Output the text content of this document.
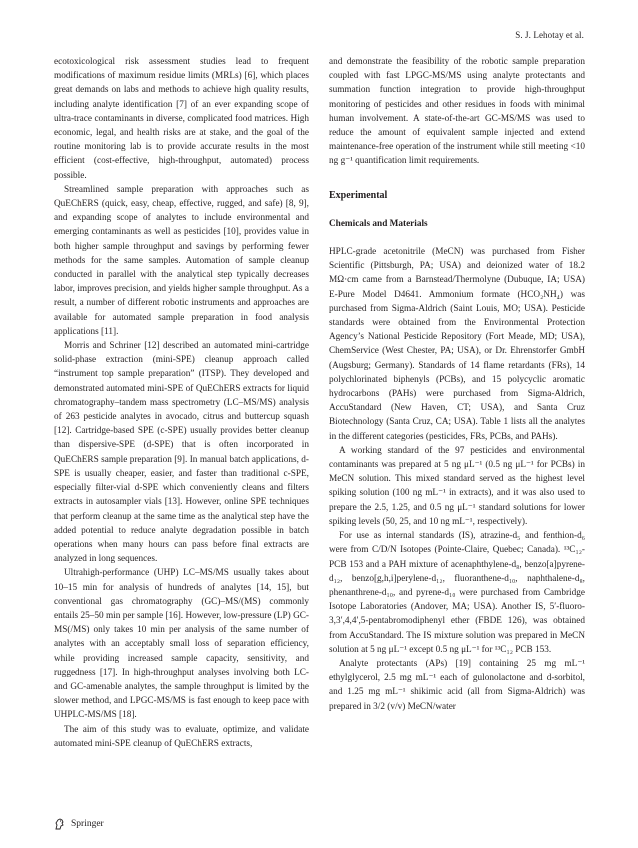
S. J. Lehotay et al.

ecotoxicological risk assessment studies lead to frequent modifications of maximum residue limits (MRLs) [6], which places great demands on labs and methods to achieve high quality results, including analyte identification [7] of an ever expanding scope of ultra-trace contaminants in diverse, complicated food matrices. High economic, legal, and health risks are at stake, and the goal of the routine monitoring lab is to provide accurate results in the most efficient (cost-effective, high-throughput, automated) process possible.

Streamlined sample preparation with approaches such as QuEChERS (quick, easy, cheap, effective, rugged, and safe) [8, 9], and expanding scope of analytes to include environmental and emerging contaminants as well as pesticides [10], provides value in both higher sample throughput and savings by performing fewer methods for the same samples. Automation of sample cleanup conducted in parallel with the analytical step typically decreases labor, improves precision, and yields higher sample throughput. As a result, a number of different robotic instruments and approaches are available for automated sample preparation in food analysis applications [11].

Morris and Schriner [12] described an automated mini-cartridge solid-phase extraction (mini-SPE) cleanup approach called “instrument top sample preparation” (ITSP). They developed and demonstrated automated mini-SPE of QuEChERS extracts for liquid chromatography–tandem mass spectrometry (LC–MS/MS) analysis of 263 pesticide analytes in avocado, citrus and buttercup squash [12]. Cartridge-based SPE (c-SPE) usually provides better cleanup than dispersive-SPE (d-SPE) that is often incorporated in QuEChERS sample preparation [9]. In manual batch applications, d-SPE is usually cheaper, easier, and faster than traditional c-SPE, especially filter-vial d-SPE which conveniently cleans and filters extracts in autosampler vials [13]. However, online SPE techniques that perform cleanup at the same time as the analytical step have the added potential to reduce analyte degradation possible in batch operations when many hours can pass before final extracts are analyzed in long sequences.

Ultrahigh-performance (UHP) LC–MS/MS usually takes about 10–15 min for analysis of hundreds of analytes [14, 15], but conventional gas chromatography (GC)–MS/(MS) commonly entails 25–50 min per sample [16]. However, low-pressure (LP) GC-MS(/MS) only takes 10 min per analysis of the same number of analytes with an acceptably small loss of separation efficiency, while providing increased sample capacity, sensitivity, and ruggedness [17]. In high-throughput analyses involving both LC- and GC-amenable analytes, the sample throughput is limited by the slower method, and LPGC-MS/MS is fast enough to keep pace with UHPLC-MS/MS [18].

The aim of this study was to evaluate, optimize, and validate automated mini-SPE cleanup of QuEChERS extracts,

and demonstrate the feasibility of the robotic sample preparation coupled with fast LPGC-MS/MS using analyte protectants and summation function integration to provide high-throughput monitoring of pesticides and other residues in foods with minimal human involvement. A state-of-the-art GC-MS/MS was used to reduce the amount of equivalent sample injected and extend maintenance-free operation of the instrument while still meeting <10 ng g⁻¹ quantification limit requirements.

Experimental
Chemicals and Materials

HPLC-grade acetonitrile (MeCN) was purchased from Fisher Scientific (Pittsburgh, PA; USA) and deionized water of 18.2 MΩ·cm came from a Barnstead/Thermolyne (Dubuque, IA; USA) E-Pure Model D4641. Ammonium formate (HCO₂NH₄) was purchased from Sigma-Aldrich (Saint Louis, MO; USA). Pesticide standards were obtained from the Environmental Protection Agency’s National Pesticide Repository (Fort Meade, MD; USA), ChemService (West Chester, PA; USA), or Dr. Ehrenstorfer GmbH (Augsburg; Germany). Standards of 14 flame retardants (FRs), 14 polychlorinated biphenyls (PCBs), and 15 polycyclic aromatic hydrocarbons (PAHs) were purchased from Sigma-Aldrich, AccuStandard (New Haven, CT; USA), and Santa Cruz Biotechnology (Santa Cruz, CA; USA). Table 1 lists all the analytes in the different categories (pesticides, FRs, PCBs, and PAHs).

A working standard of the 97 pesticides and environmental contaminants was prepared at 5 ng μL⁻¹ (0.5 ng μL⁻¹ for PCBs) in MeCN solution. This mixed standard served as the highest level spiking solution (100 ng mL⁻¹ in extracts), and it was also used to prepare the 2.5, 1.25, and 0.5 ng μL⁻¹ standard solutions for lower spiking levels (50, 25, and 10 ng mL⁻¹, respectively).

For use as internal standards (IS), atrazine-d₅ and fenthion-d₆ were from C/D/N Isotopes (Pointe-Claire, Quebec; Canada). ¹³C₁₂-PCB 153 and a PAH mixture of acenaphthylene-d₈, benzo[a]pyrene-d₁₂, benzo[g,h,i]perylene-d₁₂, fluoranthene-d₁₀, naphthalene-d₈, phenanthrene-d₁₀, and pyrene-d₁₀ were purchased from Cambridge Isotope Laboratories (Andover, MA; USA). Another IS, 5′-fluoro-3,3′,4,4′,5-pentabromodiphenyl ether (FBDE 126), was obtained from AccuStandard. The IS mixture solution was prepared in MeCN solution at 5 ng μL⁻¹ except 0.5 ng μL⁻¹ for ¹³C₁₂ PCB 153.

Analyte protectants (APs) [19] containing 25 mg mL⁻¹ ethylglycerol, 2.5 mg mL⁻¹ each of gulonolactone and d-sorbitol, and 1.25 mg mL⁻¹ shikimic acid (all from Sigma-Aldrich) was prepared in 3/2 (v/v) MeCN/water

Springer
